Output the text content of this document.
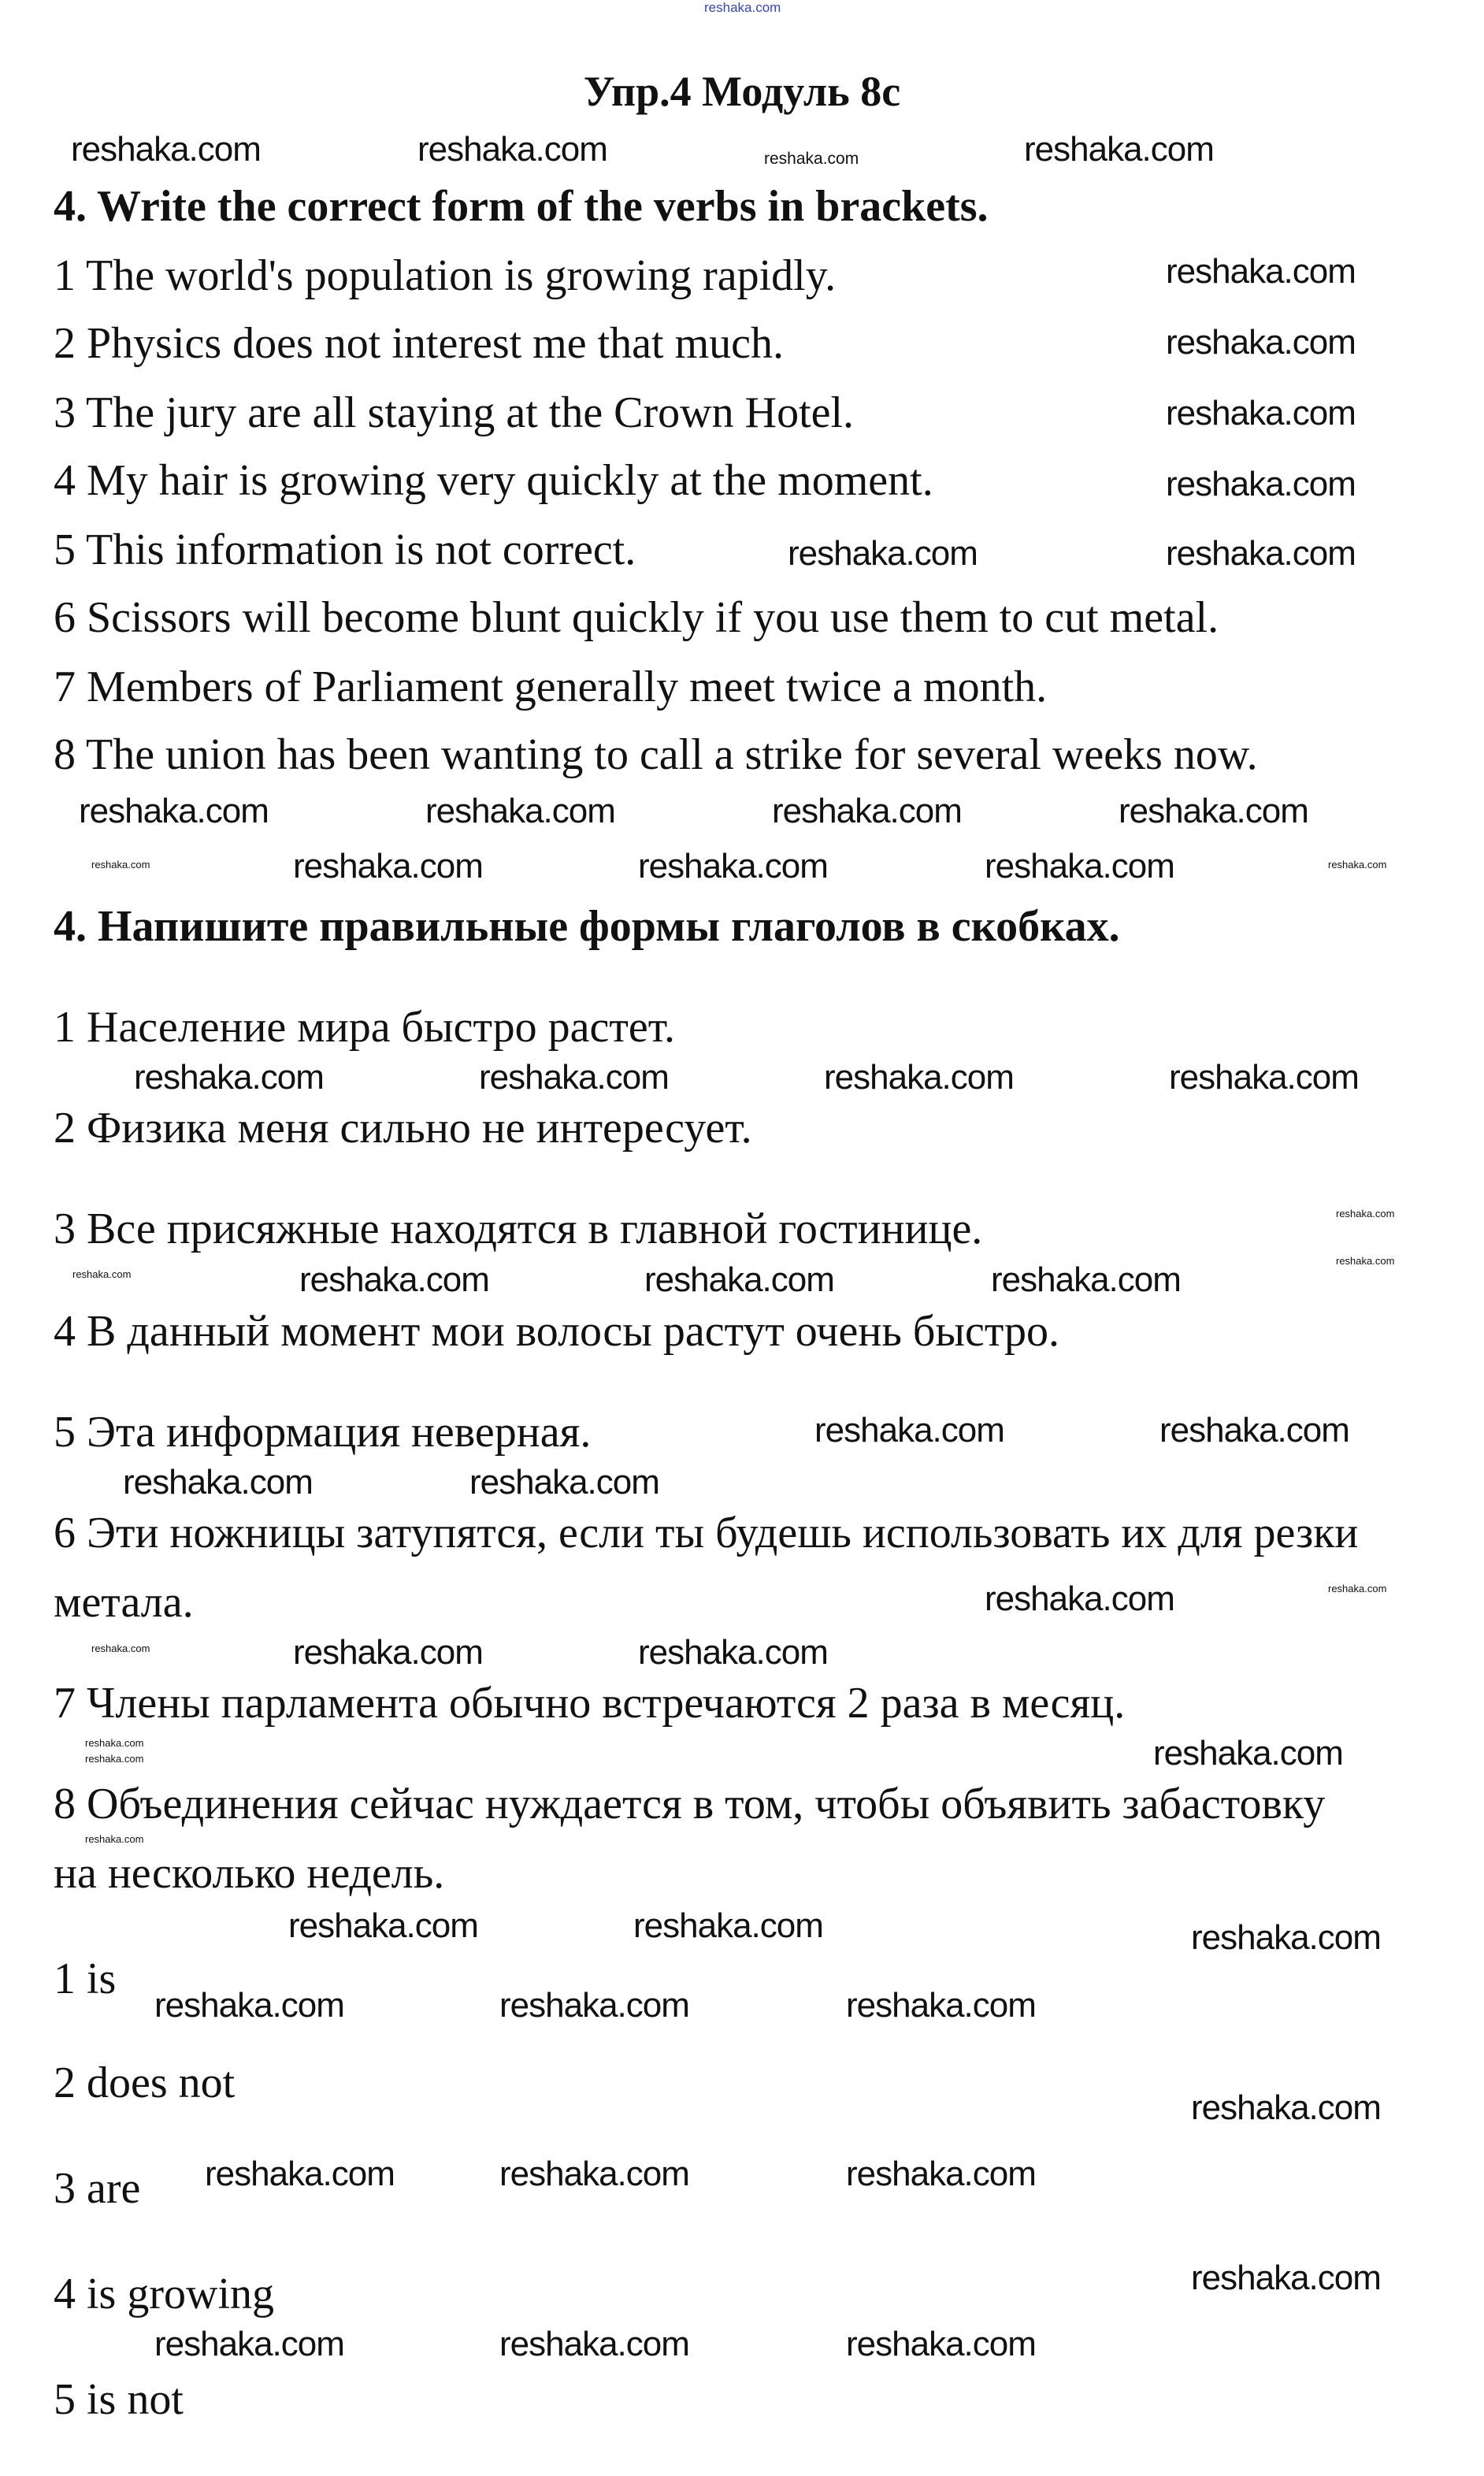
Упр.4 Модуль 8c
4. Write the correct form of the verbs in brackets.
1 The world's population is growing rapidly.
2 Physics does not interest me that much.
3 The jury are all staying at the Crown Hotel.
4 My hair is growing very quickly at the moment.
5 This information is not correct.
6 Scissors will become blunt quickly if you use them to cut metal.
7 Members of Parliament generally meet twice a month.
8 The union has been wanting to call a strike for several weeks now.
4. Напишите правильные формы глаголов в скобках.
1 Население мира быстро растет.
2 Физика меня сильно не интересует.
3 Все присяжные находятся в главной гостинице.
4 В данный момент мои волосы растут очень быстро.
5 Эта информация неверная.
6 Эти ножницы затупятся, если ты будешь использовать их для резки
метала.
7 Члены парламента обычно встречаются 2 раза в месяц.
8 Объединения сейчас нуждается в том, чтобы объявить забастовку
на несколько недель.
1 is
2 does not
3 are
4 is growing
5 is not
reshaka.com
reshaka.com	reshaka.com	reshaka.com	reshaka.com
reshaka.com
reshaka.com
reshaka.com
reshaka.com
reshaka.com	reshaka.com
reshaka.com	reshaka.com	reshaka.com	reshaka.com
reshaka.com	reshaka.com	reshaka.com	reshaka.com	reshaka.com
reshaka.com	reshaka.com	reshaka.com	reshaka.com
reshaka.com
reshaka.com	reshaka.com	reshaka.com	reshaka.com	reshaka.com
reshaka.com	reshaka.com
reshaka.com	reshaka.com
reshaka.com	reshaka.com
reshaka.com	reshaka.com
reshaka.com
reshaka.com
reshaka.com
reshaka.com
reshaka.com
reshaka.com	reshaka.com	reshaka.com
reshaka.com	reshaka.com	reshaka.com
reshaka.com
reshaka.com	reshaka.com	reshaka.com
reshaka.com
reshaka.com	reshaka.com	reshaka.com
